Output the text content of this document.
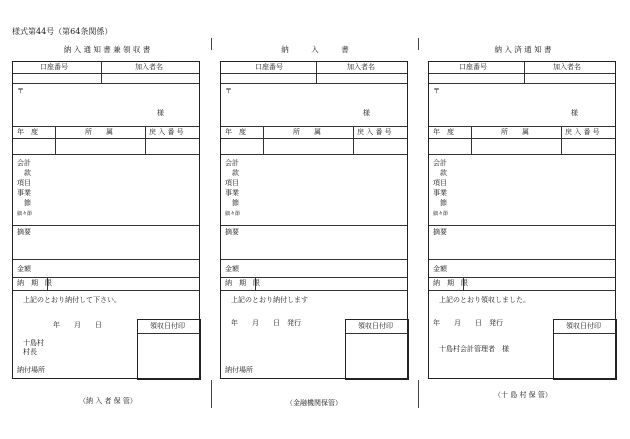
様式第44号（第64条関係）
納 入 通 知 書 兼 領 収 書
口座番号	加入者名
〒
様
年　度	所　　属	戻 入 番 号
会計
款
項目
事業
節
細々節
摘要
金額
納　期　限
上記のとおり納付して下さい。
年　　月　　日
十島村
村長
納付場所
領収日付印
納　　　入　　　書
口座番号	加入者名
〒
様
年　度	所　　属	戻 入 番 号
会計
款
項目
事業
節
細々節
摘要
金額
納　期　限
上記のとおり納付します
年　　月　　日　発行
納付場所
領収日付印
納 入 済 通 知 書
口座番号	加入者名
〒
様
年　度	所　　属	戻 入 番 号
会計
款
項目
事業
節
細々節
摘要
金額
納　期　限
上記のとおり領収しました。
年　　月　　日　発行
十島村会計管理者　様
領収日付印
（納 入 者 保 管）	（金融機関保管）
（十 島 村 保 管）
